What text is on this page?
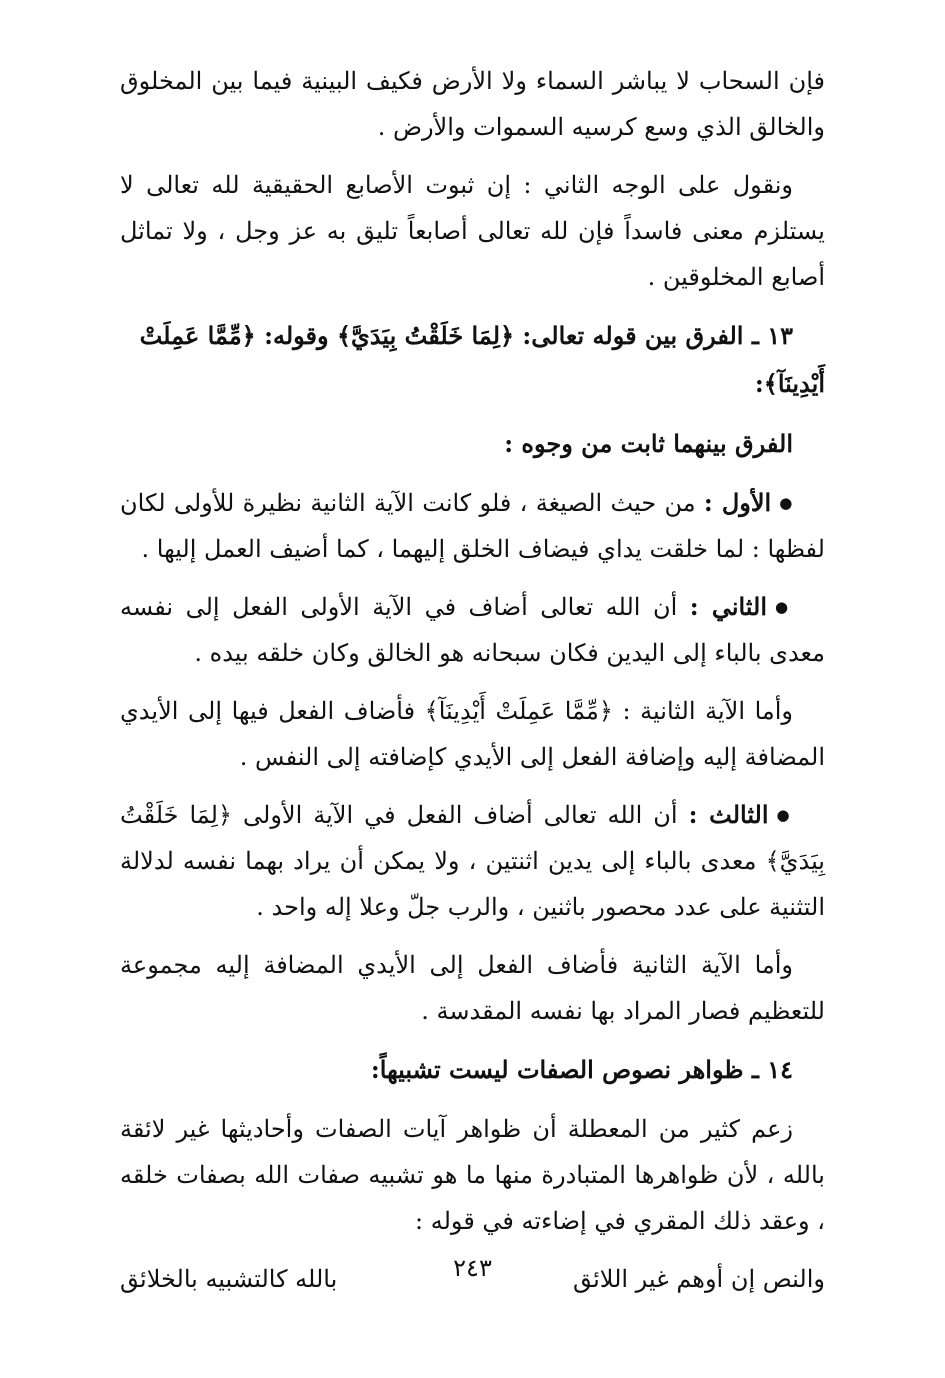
فإن السحاب لا يباشر السماء ولا الأرض فكيف البينية فيما بين المخلوق والخالق الذي وسع كرسيه السموات والأرض .

ونقول على الوجه الثاني : إن ثبوت الأصابع الحقيقية لله تعالى لا يستلزم معنى فاسداً فإن لله تعالى أصابعاً تليق به عز وجل ، ولا تماثل أصابع المخلوقين .

١٣ ـ الفرق بين قوله تعالى: ﴿لِمَا خَلَقْتُ بِيَدَيَّ﴾ وقوله: ﴿مِّمَّا عَمِلَتْ أَيْدِينَآ﴾:
الفرق بينهما ثابت من وجوه :

● الأول : من حيث الصيغة ، فلو كانت الآية الثانية نظيرة للأولى لكان لفظها : لما خلقت يداي فيضاف الخلق إليهما ، كما أضيف العمل إليها .

● الثاني : أن الله تعالى أضاف في الآية الأولى الفعل إلى نفسه معدى بالباء إلى اليدين فكان سبحانه هو الخالق وكان خلقه بيده .

وأما الآية الثانية : ﴿مِّمَّا عَمِلَتْ أَيْدِينَآ﴾ فأضاف الفعل فيها إلى الأيدي المضافة إليه وإضافة الفعل إلى الأيدي كإضافته إلى النفس .

● الثالث : أن الله تعالى أضاف الفعل في الآية الأولى ﴿لِمَا خَلَقْتُ بِيَدَيَّ﴾ معدى بالباء إلى يدين اثنتين ، ولا يمكن أن يراد بهما نفسه لدلالة التثنية على عدد محصور باثنين ، والرب جلّ وعلا إله واحد .

وأما الآية الثانية فأضاف الفعل إلى الأيدي المضافة إليه مجموعة للتعظيم فصار المراد بها نفسه المقدسة .

١٤ ـ ظواهر نصوص الصفات ليست تشبيهاً:

زعم كثير من المعطلة أن ظواهر آيات الصفات وأحاديثها غير لائقة بالله ، لأن ظواهرها المتبادرة منها ما هو تشبيه صفات الله بصفات خلقه ، وعقد ذلك المقري في إضاءته في قوله :

والنص إن أوهم غير اللائق
بالله كالتشبيه بالخلائق	٢٤٣
